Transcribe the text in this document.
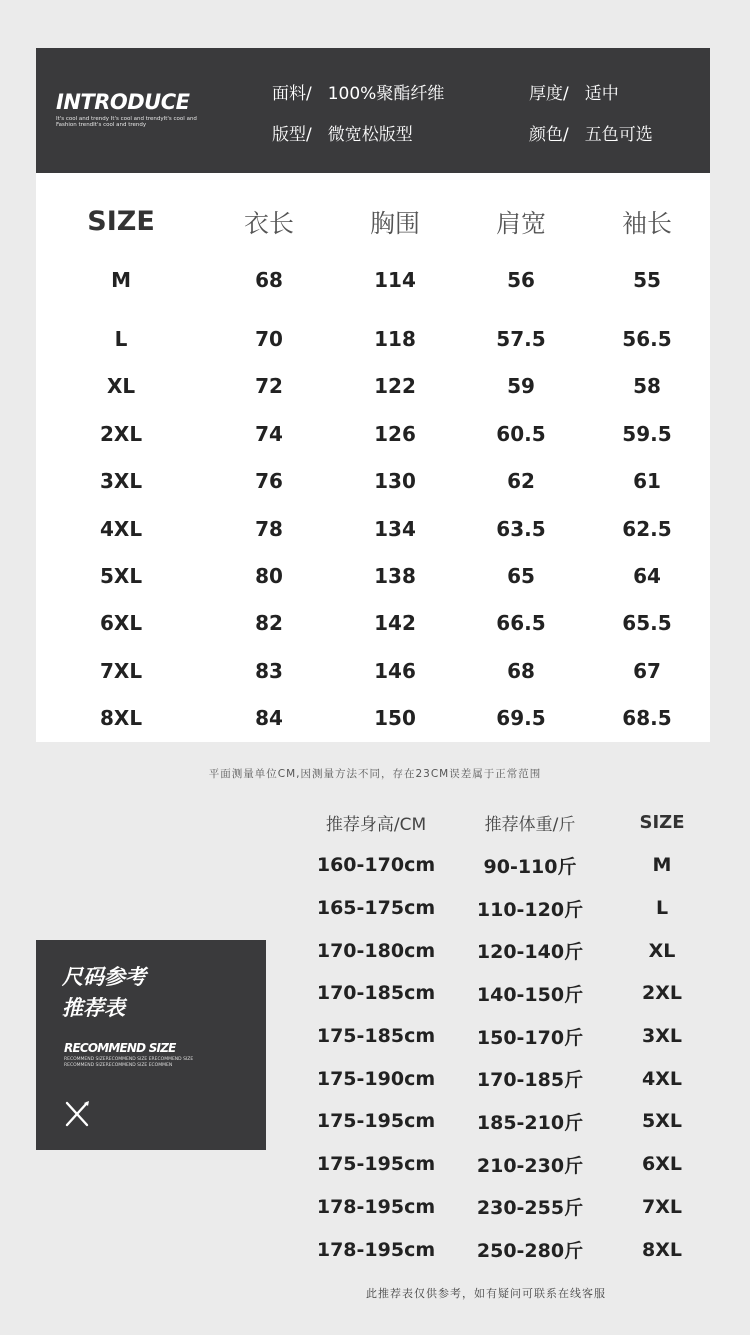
INTRODUCE
It's cool and trendy It's cool and trendyIt's cool and Fashion trendIt's cool and trendy
面料/ 100%聚酯纤维	厚度/ 适中
版型/ 微宽松版型	颜色/ 五色可选
SIZE	衣长	胸围	肩宽	袖长
M	68	114	56	55
L	70	118	57.5	56.5
XL	72	122	59	58
2XL	74	126	60.5	59.5
3XL	76	130	62	61
4XL	78	134	63.5	62.5
5XL	80	138	65	64
6XL	82	142	66.5	65.5
7XL	83	146	68	67
8XL	84	150	69.5	68.5
平面测量单位CM,因测量方法不同，存在23CM误差属于正常范围
尺码参考
推荐表
RECOMMEND SIZE
RECOMMEND SIZERECOMMEND SIZE ERECOMMEND SIZE RECOMMEND SIZERECOMMEND SIZE ECOMMEN
推荐身高/CM	推荐体重/斤	SIZE
160-170cm	90-110斤	M
165-175cm	110-120斤	L
170-180cm	120-140斤	XL
170-185cm	140-150斤	2XL
175-185cm	150-170斤	3XL
175-190cm	170-185斤	4XL
175-195cm	185-210斤	5XL
175-195cm	210-230斤	6XL
178-195cm	230-255斤	7XL
178-195cm	250-280斤	8XL
此推荐表仅供参考，如有疑问可联系在线客服
